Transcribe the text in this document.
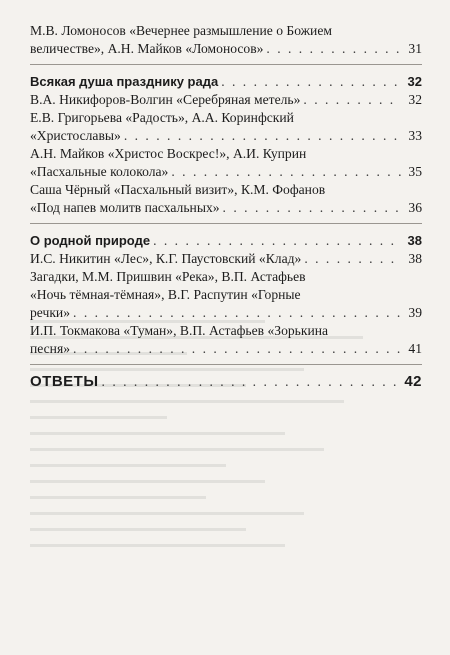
М.В. Ломоносов «Вечернее размышление о Божием
величестве», А.Н. Майков «Ломоносов» . . .	31
Всякая душа празднику рада . . .	32
В.А. Никифоров-Волгин «Серебряная метель» . . .	32
Е.В. Григорьева «Радость», А.А. Коринфский
«Христославы» . . .	33
А.Н. Майков «Христос Воскрес!», А.И. Куприн
«Пасхальные колокола» . . .	35
Саша Чёрный «Пасхальный визит», К.М. Фофанов
«Под напев молитв пасхальных» . . .	36
О родной природе . . .	38
И.С. Никитин «Лес», К.Г. Паустовский «Клад» . . .	38
Загадки, М.М. Пришвин «Река», В.П. Астафьев
«Ночь тёмная-тёмная», В.Г. Распутин «Горные
речки» . . .	39
И.П. Токмакова «Туман», В.П. Астафьев «Зорькина
песня» . . .	41
ОТВЕТЫ . . .	42
